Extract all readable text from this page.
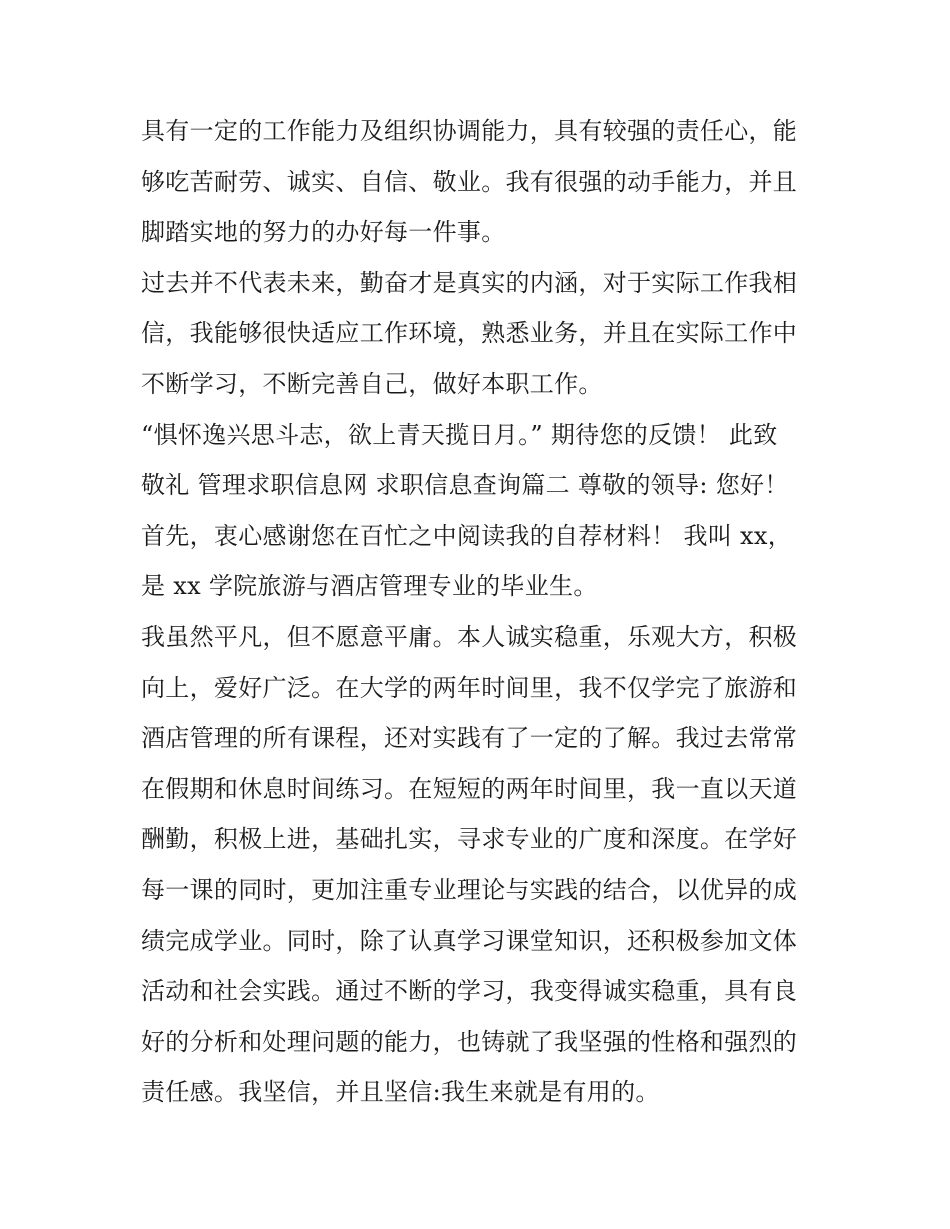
具有一定的工作能力及组织协调能力，具有较强的责任心，能
够吃苦耐劳、诚实、自信、敬业。我有很强的动手能力，并且
脚踏实地的努力的办好每一件事。
过去并不代表未来，勤奋才是真实的内涵，对于实际工作我相
信，我能够很快适应工作环境，熟悉业务，并且在实际工作中
不断学习，不断完善自己，做好本职工作。
“惧怀逸兴思斗志，欲上青天揽日月。” 期待您的反馈！ 此致
敬礼 管理求职信息网 求职信息查询篇二 尊敬的领导: 您好！
首先，衷心感谢您在百忙之中阅读我的自荐材料！ 我叫 xx，
是 xx 学院旅游与酒店管理专业的毕业生。
我虽然平凡，但不愿意平庸。本人诚实稳重，乐观大方，积极
向上，爱好广泛。在大学的两年时间里，我不仅学完了旅游和
酒店管理的所有课程，还对实践有了一定的了解。我过去常常
在假期和休息时间练习。在短短的两年时间里，我一直以天道
酬勤，积极上进，基础扎实，寻求专业的广度和深度。在学好
每一课的同时，更加注重专业理论与实践的结合，以优异的成
绩完成学业。同时，除了认真学习课堂知识，还积极参加文体
活动和社会实践。通过不断的学习，我变得诚实稳重，具有良
好的分析和处理问题的能力，也铸就了我坚强的性格和强烈的
责任感。我坚信，并且坚信:我生来就是有用的。
